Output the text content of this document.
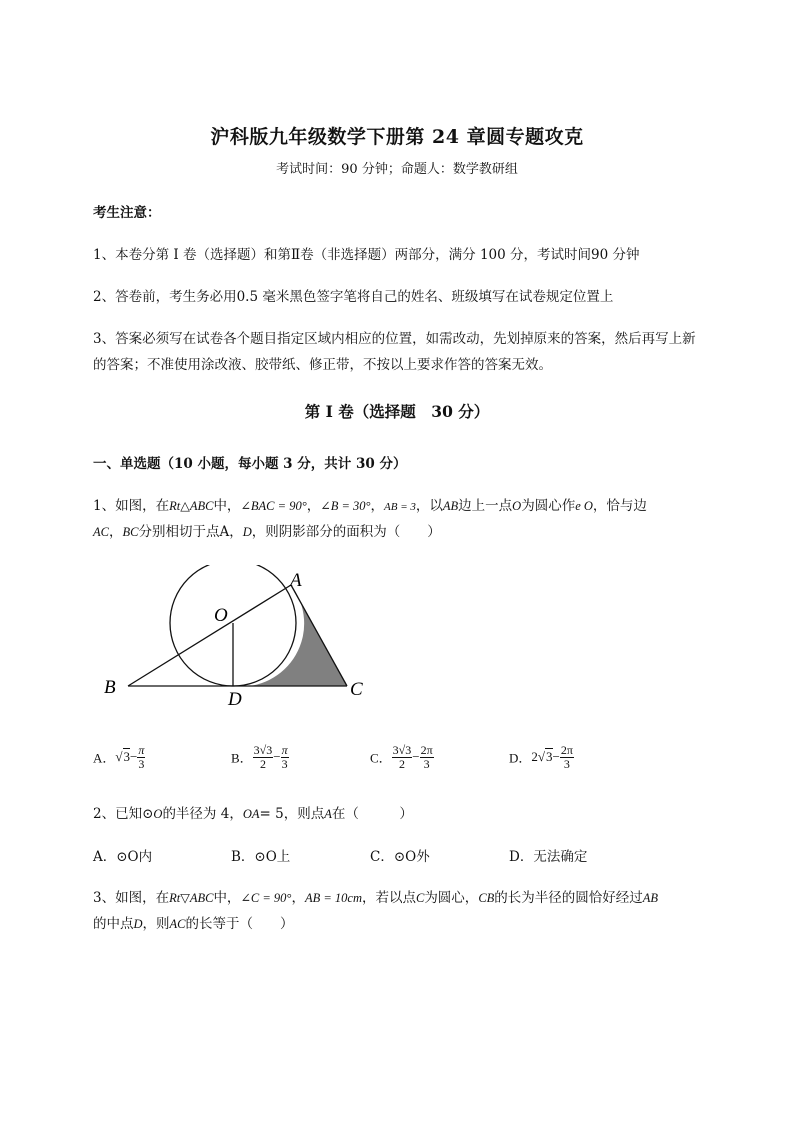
沪科版九年级数学下册第 24 章圆专题攻克
考试时间：90 分钟；命题人：数学教研组
考生注意：
1、本卷分第 I 卷（选择题）和第Ⅱ卷（非选择题）两部分，满分 100 分，考试时间90 分钟
2、答卷前，考生务必用0.5 毫米黑色签字笔将自己的姓名、班级填写在试卷规定位置上
3、答案必须写在试卷各个题目指定区域内相应的位置，如需改动，先划掉原来的答案，然后再写上新
的答案；不准使用涂改液、胶带纸、修正带，不按以上要求作答的答案无效。
第 I 卷（选择题　30 分）
一、单选题（10 小题，每小题 3 分，共计 30 分）
1、如图，在Rt△ABC中，∠BAC = 90°，∠B = 30°，AB = 3，以AB边上一点O为圆心作e O，恰与边
AC，BC分别相切于点A，D，则阴影部分的面积为（　　）
A
O
B
D	C
A．$√3- \frac{\pi}{3}$	B． $\frac{3√3}{2} - \frac{\pi}{3}$	C． $\frac{3√3}{2} - \frac{2\pi}{3}$	D．$2√3- \frac{2\pi}{3}$
2、已知⊙O的半径为 4，OA= 5，则点A在（　　　）
A．⊙O内	B．⊙O上	C．⊙O外	D．无法确定
3、如图，在Rt▽ABC中，∠C = 90°，AB = 10cm，若以点C为圆心，CB的长为半径的圆恰好经过AB
的中点D，则AC的长等于（　　）
